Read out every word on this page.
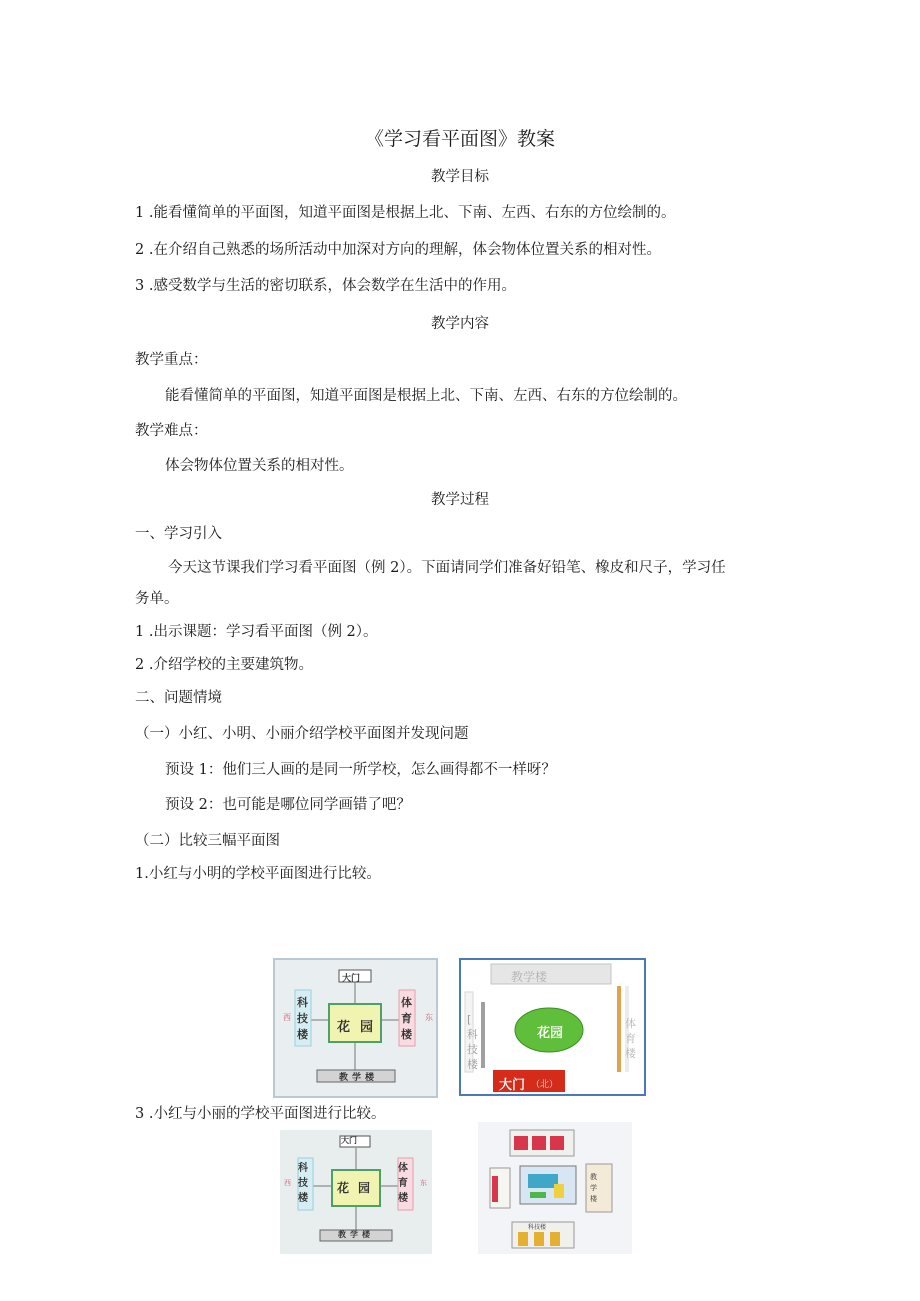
《学习看平面图》教案
教学目标
1 .能看懂简单的平面图，知道平面图是根据上北、下南、左西、右东的方位绘制的。
2 .在介绍自己熟悉的场所活动中加深对方向的理解，体会物体位置关系的相对性。
3 .感受数学与生活的密切联系，体会数学在生活中的作用。
教学内容
教学重点：
能看懂简单的平面图，知道平面图是根据上北、下南、左西、右东的方位绘制的。
教学难点：
体会物体位置关系的相对性。
教学过程
一、学习引入
今天这节课我们学习看平面图（例 2）。下面请同学们准备好铅笔、橡皮和尺子，学习任
务单。
1 .出示课题：学习看平面图（例 2）。
2 .介绍学校的主要建筑物。
二、问题情境
（一）小红、小明、小丽介绍学校平面图并发现问题
预设 1：他们三人画的是同一所学校，怎么画得都不一样呀？
预设 2：也可能是哪位同学画错了吧？
（二）比较三幅平面图
1.小红与小明的学校平面图进行比较。
3 .小红与小丽的学校平面图进行比较。
大门
科技楼
体育楼
花园
教学楼
西	东
教学楼
[ 科技楼
花园
体育楼
大门 （北）
大门
科技楼
体育楼
花园
教学楼
西	东
教学楼
科技楼
